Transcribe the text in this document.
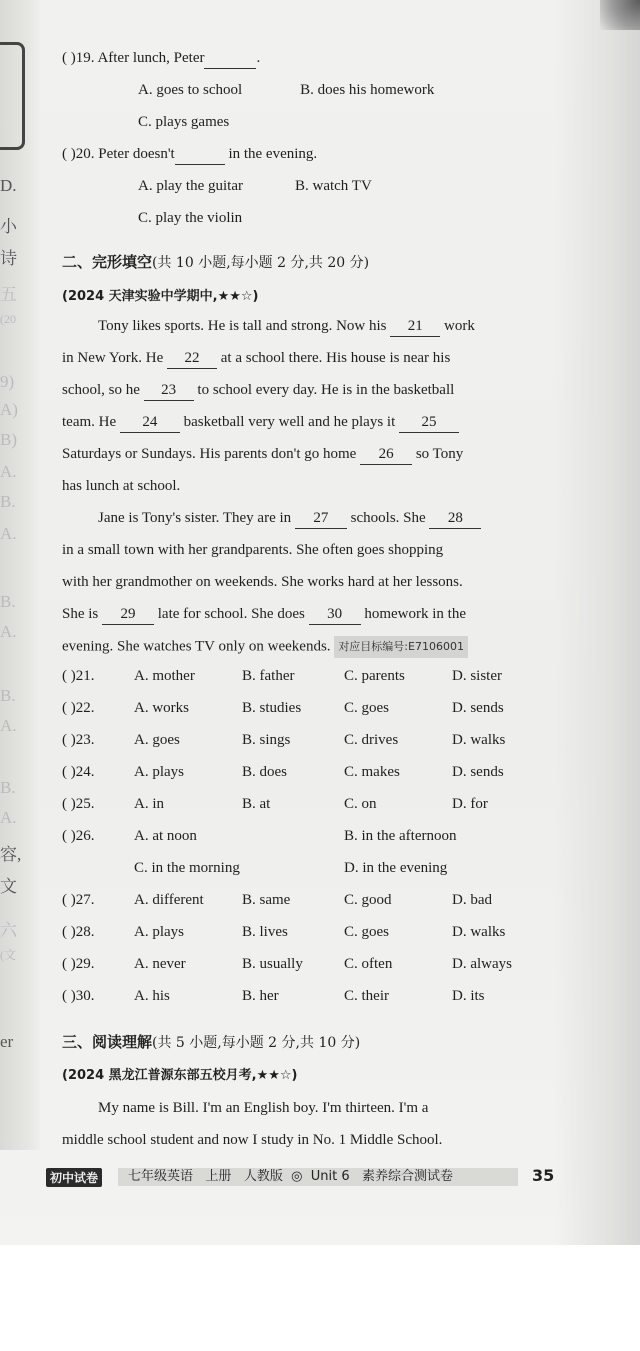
D.
小
诗
五
(20
9)
A)
B)
A.
B.
A.
B.
A.
B.
A.
B.
A.
容,
文
六
(文
er
( )19. After lunch, Peter	.
A. goes to school	B. does his homework
C. plays games
( )20. Peter doesn't	in the evening.
A. play the guitar	B. watch TV
C. play the violin
二、完形填空(共 10 小题,每小题 2 分,共 20 分)
(2024 天津实验中学期中,★★☆)
Tony likes sports. He is tall and strong. Now his 21 work
in New York. He 22 at a school there. His house is near his
school, so he 23 to school every day. He is in the basketball
team. He 24 basketball very well and he plays it 25
Saturdays or Sundays. His parents don't go home 26 so Tony
has lunch at school.
Jane is Tony's sister. They are in 27 schools. She 28
in a small town with her grandparents. She often goes shopping
with her grandmother on weekends. She works hard at her lessons.
She is 29 late for school. She does 30 homework in the
evening. She watches TV only on weekends. 对应目标编号:E7106001
( )21.	A. mother	B. father	C. parents	D. sister
( )22.	A. works	B. studies	C. goes	D. sends
( )23.	A. goes	B. sings	C. drives	D. walks
( )24.	A. plays	B. does	C. makes	D. sends
( )25.	A. in	B. at	C. on	D. for
( )26.	A. at noon	B. in the afternoon
C. in the morning	D. in the evening
( )27.	A. different	B. same	C. good	D. bad
( )28.	A. plays	B. lives	C. goes	D. walks
( )29.	A. never	B. usually	C. often	D. always
( )30.	A. his	B. her	C. their	D. its
三、阅读理解(共 5 小题,每小题 2 分,共 10 分)
(2024 黑龙江普源东部五校月考,★★☆)
My name is Bill. I'm an English boy. I'm thirteen. I'm a
middle school student and now I study in No. 1 Middle School.
初中试卷	七年级英语 上册 人教版 ◎ Unit 6 素养综合测试卷	35
